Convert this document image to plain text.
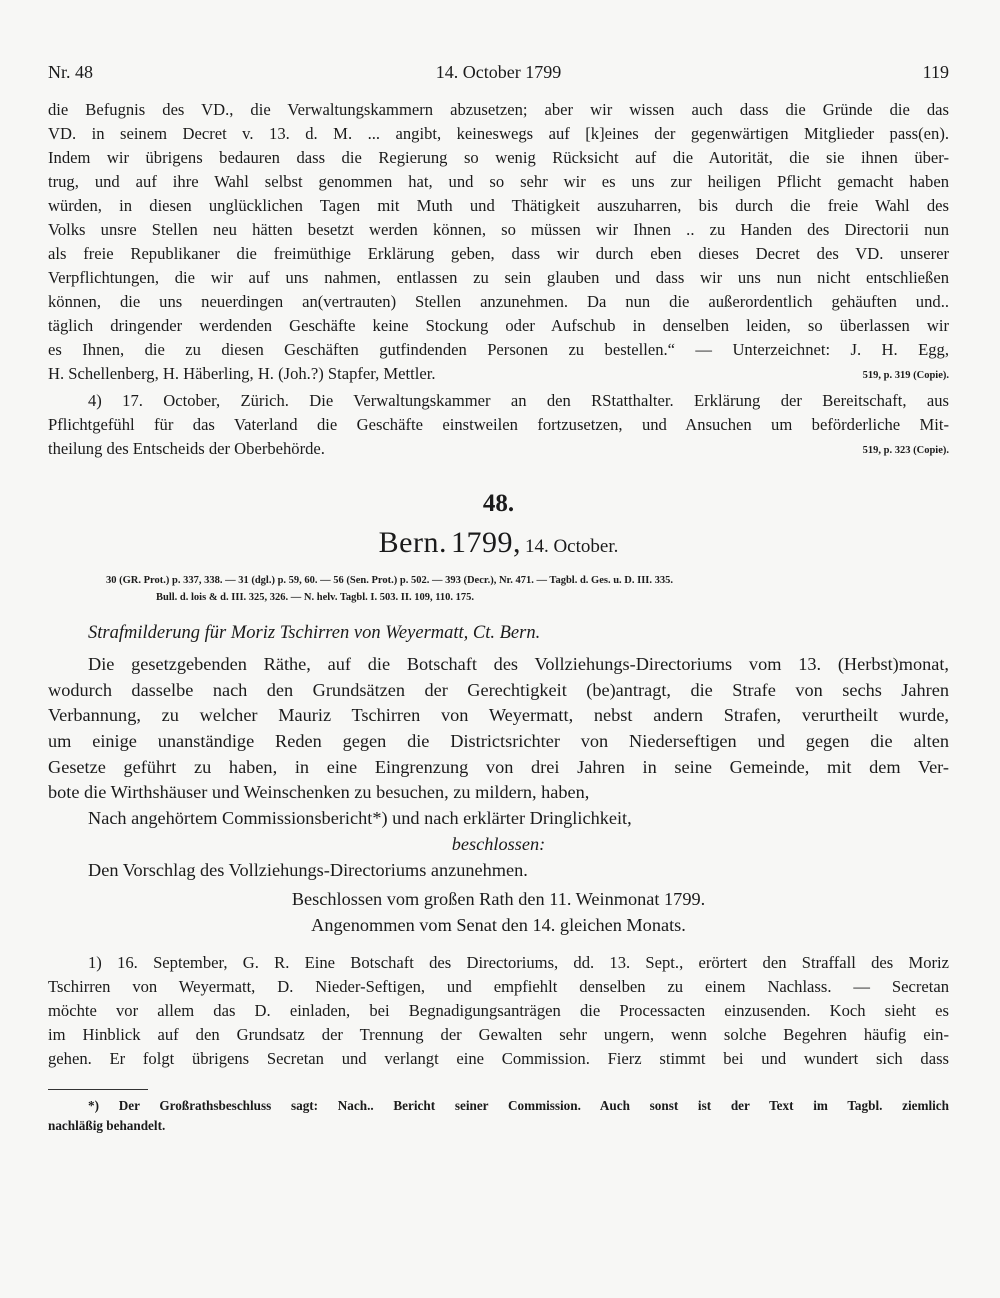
Nr. 48	14. October 1799	119
die Befugnis des VD., die Verwaltungskammern abzusetzen; aber wir wissen auch dass die Gründe die das
VD. in seinem Decret v. 13. d. M. ... angibt, keineswegs auf [k]eines der gegenwärtigen Mitglieder pass(en).
Indem wir übrigens bedauren dass die Regierung so wenig Rücksicht auf die Autorität, die sie ihnen über-
trug, und auf ihre Wahl selbst genommen hat, und so sehr wir es uns zur heiligen Pflicht gemacht haben
würden, in diesen unglücklichen Tagen mit Muth und Thätigkeit auszuharren, bis durch die freie Wahl des
Volks unsre Stellen neu hätten besetzt werden können, so müssen wir Ihnen .. zu Handen des Directorii nun
als freie Republikaner die freimüthige Erklärung geben, dass wir durch eben dieses Decret des VD. unserer
Verpflichtungen, die wir auf uns nahmen, entlassen zu sein glauben und dass wir uns nun nicht entschließen
können, die uns neuerdingen an(vertrauten) Stellen anzunehmen. Da nun die außerordentlich gehäuften und..
täglich dringender werdenden Geschäfte keine Stockung oder Aufschub in denselben leiden, so überlassen wir
es Ihnen, die zu diesen Geschäften gutfindenden Personen zu bestellen.“ — Unterzeichnet: J. H. Egg,
H. Schellenberg, H. Häberling, H. (Joh.?) Stapfer, Mettler.	519, p. 319 (Copie).
4) 17. October, Zürich. Die Verwaltungskammer an den RStatthalter. Erklärung der Bereitschaft, aus
Pflichtgefühl für das Vaterland die Geschäfte einstweilen fortzusetzen, und Ansuchen um beförderliche Mit-
theilung des Entscheids der Oberbehörde.	519, p. 323 (Copie).
48.
Bern. 1799, 14. October.
30 (GR. Prot.) p. 337, 338. — 31 (dgl.) p. 59, 60. — 56 (Sen. Prot.) p. 502. — 393 (Decr.), Nr. 471. — Tagbl. d. Ges. u. D. III. 335.
Bull. d. lois & d. III. 325, 326. — N. helv. Tagbl. I. 503. II. 109, 110. 175.
Strafmilderung für Moriz Tschirren von Weyermatt, Ct. Bern.
Die gesetzgebenden Räthe, auf die Botschaft des Vollziehungs-Directoriums vom 13. (Herbst)monat,
wodurch dasselbe nach den Grundsätzen der Gerechtigkeit (be)antragt, die Strafe von sechs Jahren
Verbannung, zu welcher Mauriz Tschirren von Weyermatt, nebst andern Strafen, verurtheilt wurde,
um einige unanständige Reden gegen die Districtsrichter von Niederseftigen und gegen die alten
Gesetze geführt zu haben, in eine Eingrenzung von drei Jahren in seine Gemeinde, mit dem Ver-
bote die Wirthshäuser und Weinschenken zu besuchen, zu mildern, haben,
Nach angehörtem Commissionsbericht*) und nach erklärter Dringlichkeit,
beschlossen:
Den Vorschlag des Vollziehungs-Directoriums anzunehmen.
Beschlossen vom großen Rath den 11. Weinmonat 1799.
Angenommen vom Senat den 14. gleichen Monats.
1) 16. September, G. R. Eine Botschaft des Directoriums, dd. 13. Sept., erörtert den Straffall des Moriz
Tschirren von Weyermatt, D. Nieder-Seftigen, und empfiehlt denselben zu einem Nachlass. — Secretan
möchte vor allem das D. einladen, bei Begnadigungsanträgen die Processacten einzusenden. Koch sieht es
im Hinblick auf den Grundsatz der Trennung der Gewalten sehr ungern, wenn solche Begehren häufig ein-
gehen. Er folgt übrigens Secretan und verlangt eine Commission. Fierz stimmt bei und wundert sich dass
*) Der Großrathsbeschluss sagt: Nach.. Bericht seiner Commission. Auch sonst ist der Text im Tagbl. ziemlich
nachläßig behandelt.
